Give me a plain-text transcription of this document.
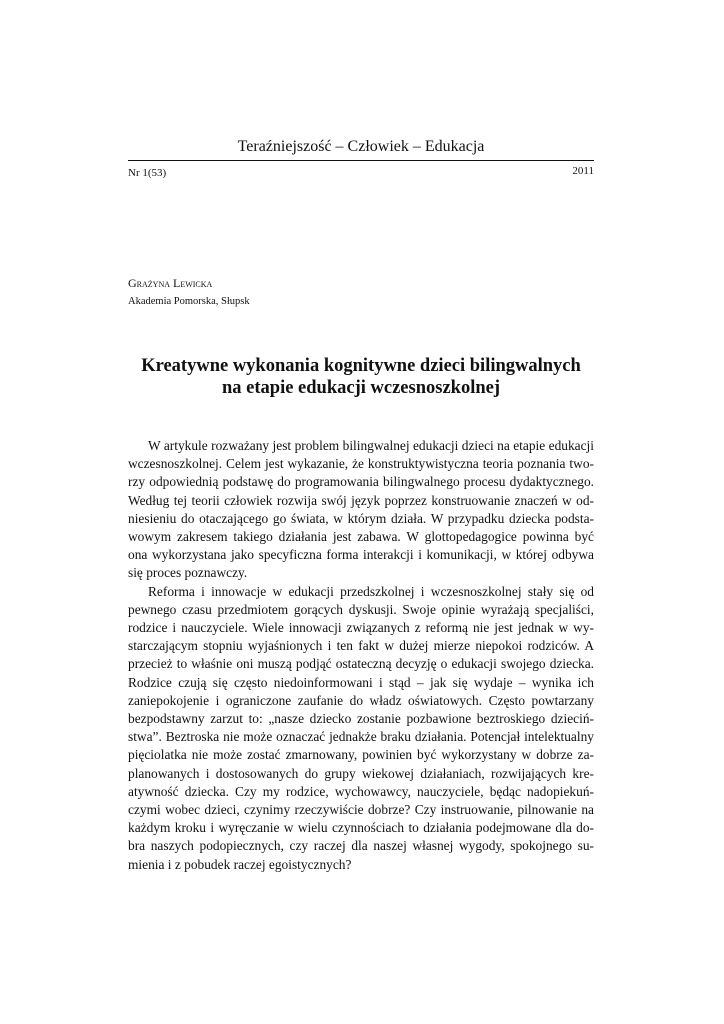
Teraźniejszość – Człowiek – Edukacja
Nr 1(53)	2011
Grażyna Lewicka
Akademia Pomorska, Słupsk
Kreatywne wykonania kognitywne dzieci bilingwalnych
na etapie edukacji wczesnoszkolnej

W artykule rozważany jest problem bilingwalnej edukacji dzieci na etapie edukacji wczesnoszkolnej. Celem jest wykazanie, że konstruktywistyczna teoria poznania tworzy odpowiednią podstawę do programowania bilingwalnego procesu dydaktycznego. Według tej teorii człowiek rozwija swój język poprzez konstruowanie znaczeń w odniesieniu do otaczającego go świata, w którym działa. W przypadku dziecka podstawowym zakresem takiego działania jest zabawa. W glottopedagogice powinna być ona wykorzystana jako specyficzna forma interakcji i komunikacji, w której odbywa się proces poznawczy.

Reforma i innowacje w edukacji przedszkolnej i wczesnoszkolnej stały się od pewnego czasu przedmiotem gorących dyskusji. Swoje opinie wyrażają specjaliści, rodzice i nauczyciele. Wiele innowacji związanych z reformą nie jest jednak w wystarczającym stopniu wyjaśnionych i ten fakt w dużej mierze niepokoi rodziców. A przecież to właśnie oni muszą podjąć ostateczną decyzję o edukacji swojego dziecka. Rodzice czują się często niedoinformowani i stąd – jak się wydaje – wynika ich zaniepokojenie i ograniczone zaufanie do władz oświatowych. Często powtarzany bezpodstawny zarzut to: „nasze dziecko zostanie pozbawione beztroskiego dzieciństwa”. Beztroska nie może oznaczać jednakże braku działania. Potencjał intelektualny pięciolatka nie może zostać zmarnowany, powinien być wykorzystany w dobrze zaplanowanych i dostosowanych do grupy wiekowej działaniach, rozwijających kreatywność dziecka. Czy my rodzice, wychowawcy, nauczyciele, będąc nadopiekuńczymi wobec dzieci, czynimy rzeczywiście dobrze? Czy instruowanie, pilnowanie na każdym kroku i wyręczanie w wielu czynnościach to działania podejmowane dla dobra naszych podopiecznych, czy raczej dla naszej własnej wygody, spokojnego sumienia i z pobudek raczej egoistycznych?
